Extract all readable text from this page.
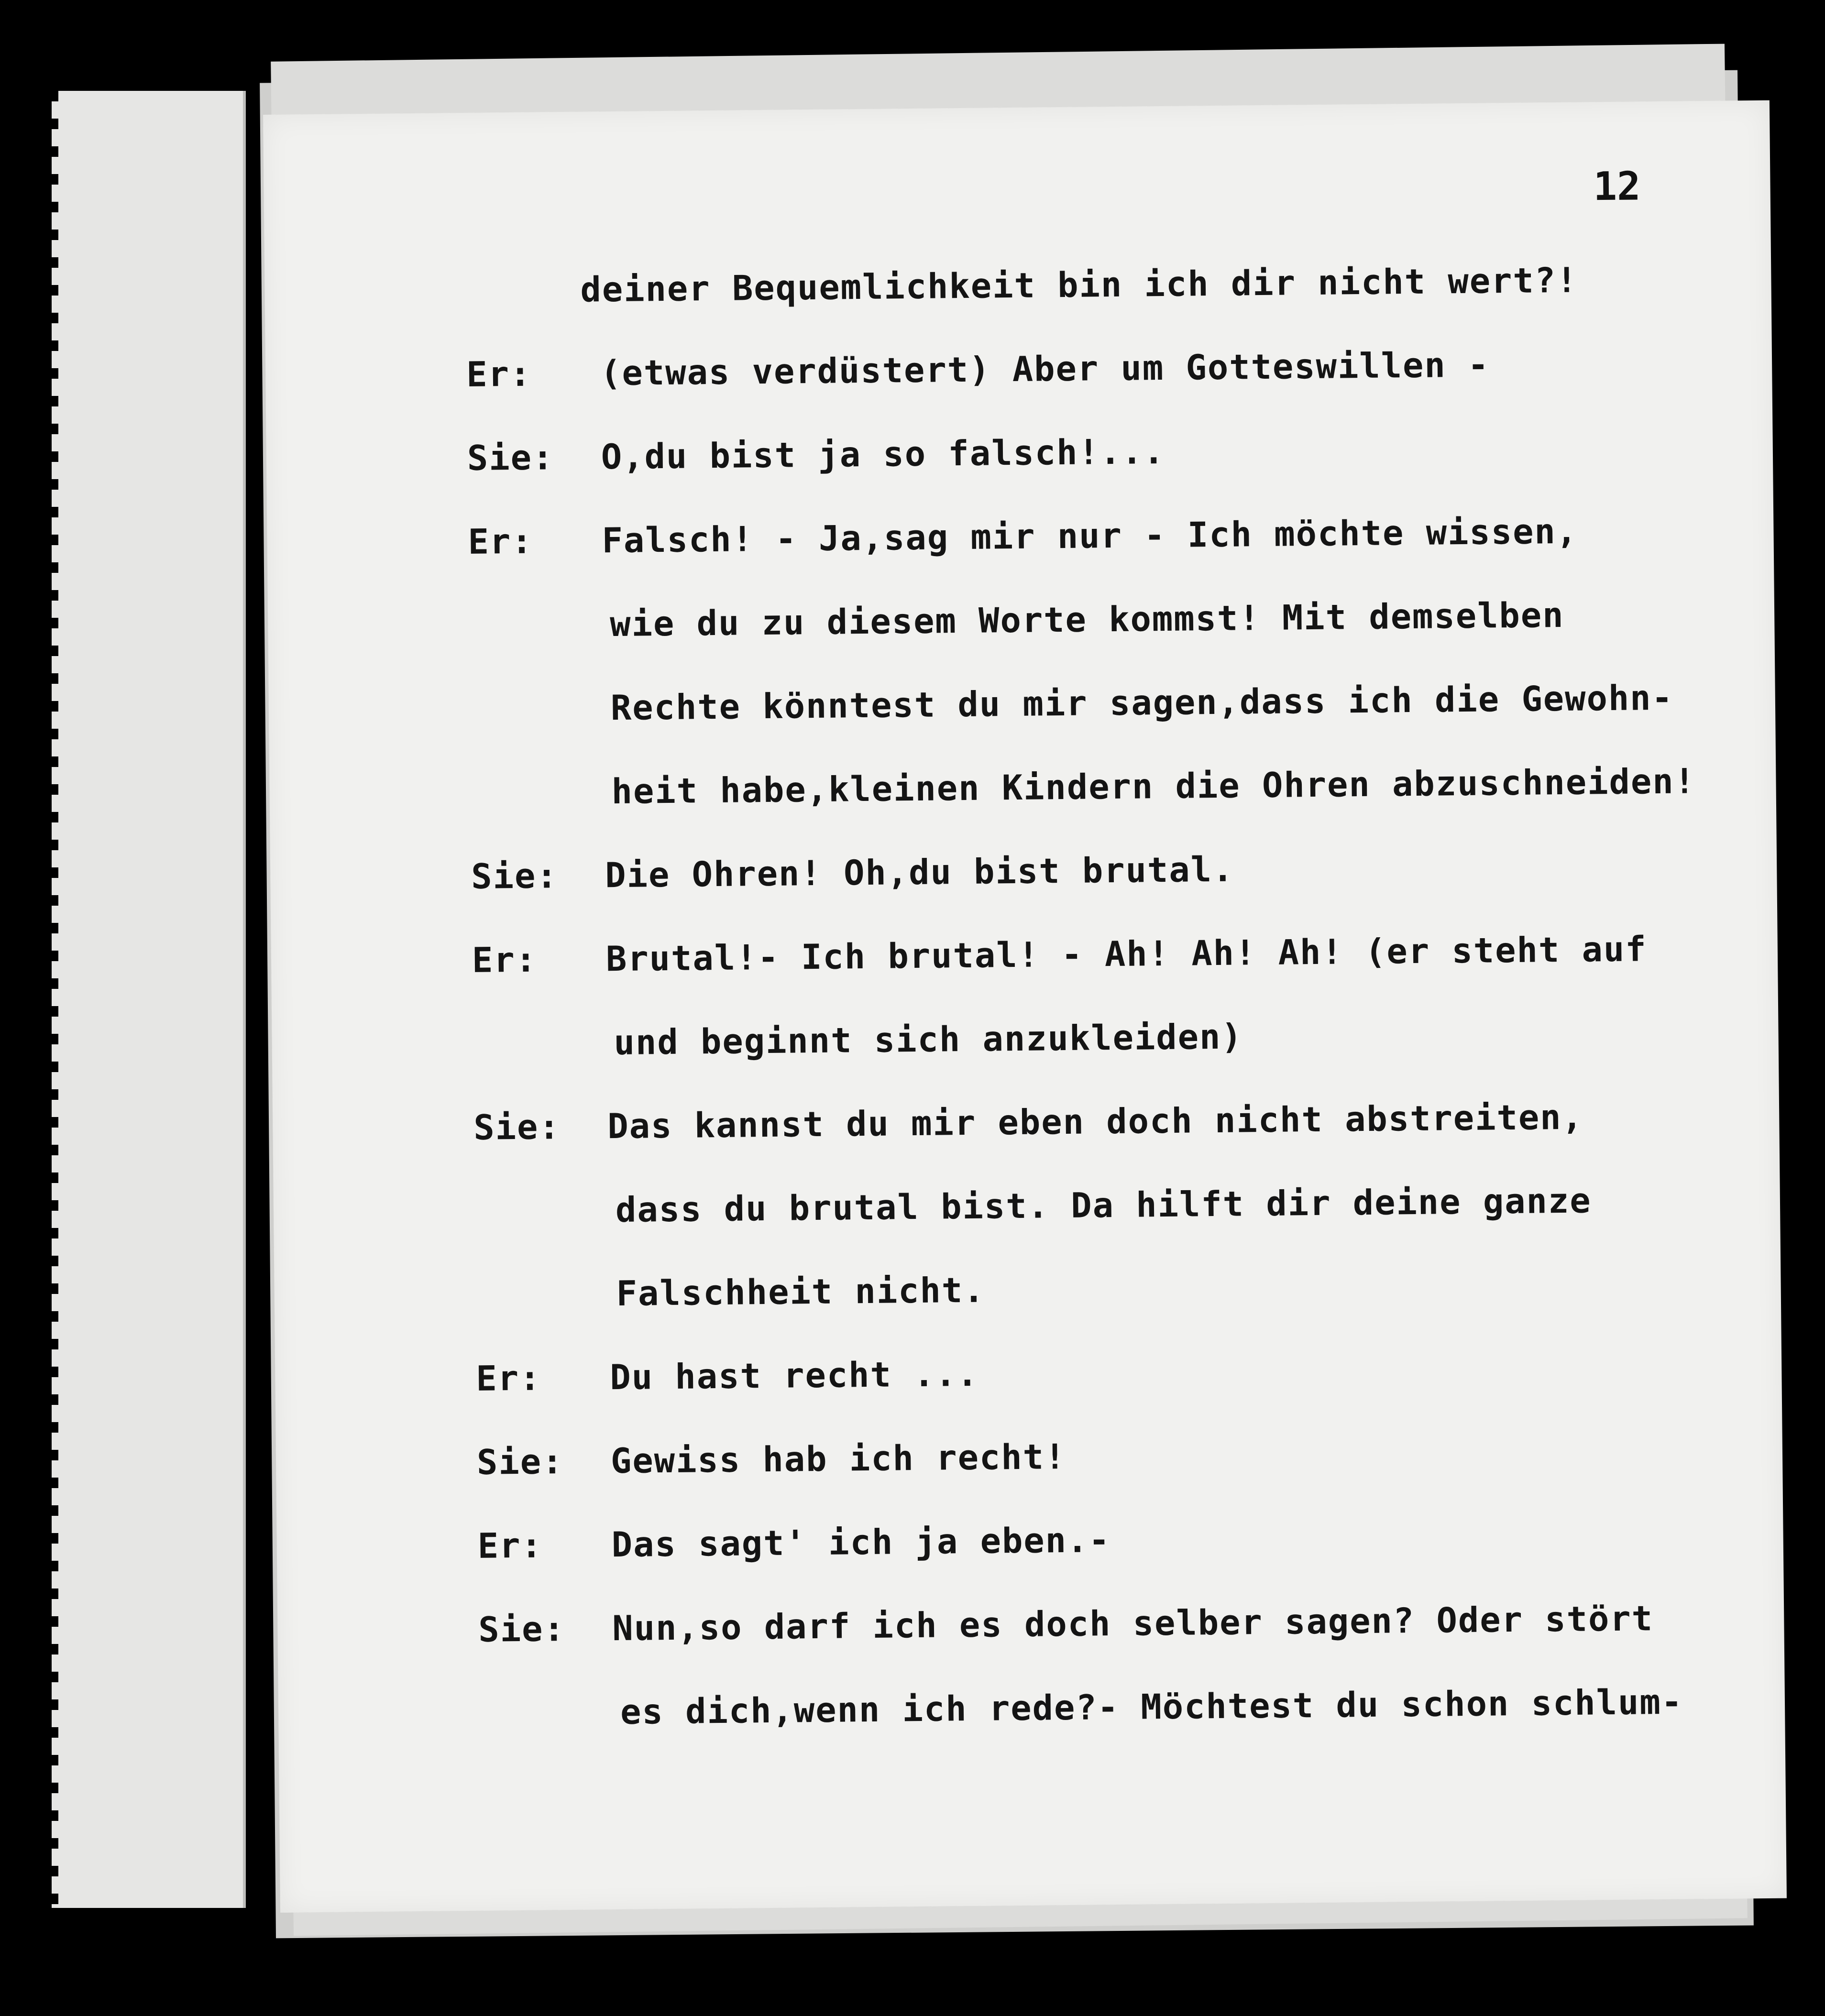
12
deiner Bequemlichkeit bin ich dir nicht wert?!
Er:	(etwas verdüstert) Aber um Gotteswillen -
Sie:	O,du bist ja so falsch!...
Er:	Falsch! - Ja,sag mir nur - Ich möchte wissen,
wie du zu diesem Worte kommst! Mit demselben
Rechte könntest du mir sagen,dass ich die Gewohn-
heit habe,kleinen Kindern die Ohren abzuschneiden!
Sie:	Die Ohren! Oh,du bist brutal.
Er:	Brutal!- Ich brutal! - Ah! Ah! Ah! (er steht auf
und beginnt sich anzukleiden)
Sie:	Das kannst du mir eben doch nicht abstreiten,
dass du brutal bist. Da hilft dir deine ganze
Falschheit nicht.
Er:	Du hast recht ...
Sie:	Gewiss hab ich recht!
Er:	Das sagt' ich ja eben.-
Sie:	Nun,so darf ich es doch selber sagen? Oder stört
es dich,wenn ich rede?- Möchtest du schon schlum-
